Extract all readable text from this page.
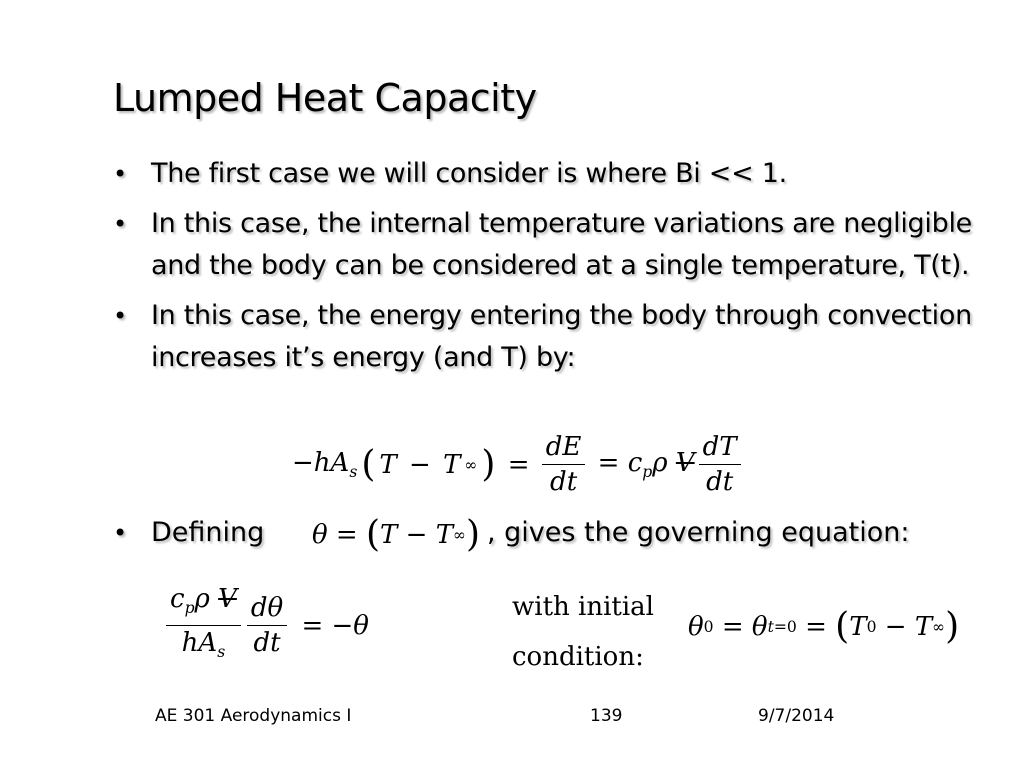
Lumped Heat Capacity
• The first case we will consider is where Bi << 1.
• In this case, the internal temperature variations are negligible and the body can be considered at a single temperature, T(t).
• In this case, the energy entering the body through convection increases it’s energy (and T) by:
$-hA_s$ ( T − T ∞ ) = $\frac{dE}{dt} = c_p\rho$ V $\frac{dT}{dt}$
• Defining	θ = ( T − T ∞ ) , gives the governing equation:
$\frac{c_p\rho V}{hA_s} \frac{d\theta}{dt} = -\theta$
with initial
condition:
θ 0 = θ t=0 = ( T 0 − T ∞ )
AE 301 Aerodynamics I	139	9/7/2014
